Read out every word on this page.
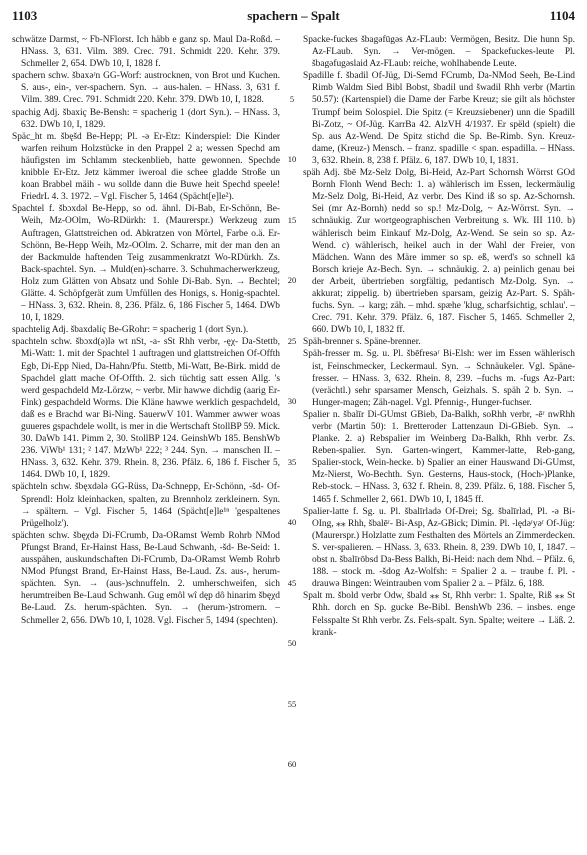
1103	spachern – Spalt	1104

schwätze Darmst, ~ Fb-NFlorst. Ich häbb e ganz sp. Maul Da-Roßd. – HNass. 3, 631. Vilm. 389. Crec. 791. Schmidt 220. Kehr. 379. Schmeller 2, 654. DWb 10, I, 1828 f.

spachern schw. šbaxǝʳn GG-Worf: austrocknen, von Brot und Kuchen. S. aus-, ein-, ver-spachern. Syn. → aus-halen. – HNass. 3, 631 f. Vilm. 389. Crec. 791. Schmidt 220. Kehr. 379. DWb 10, I, 1828.

spachig Adj. šbaxiç Be-Bensh: = spacherig 1 (dort Syn.). – HNass. 3, 632. DWb 10, I, 1829.

Späc_ht m. šbęšd Be-Hepp; Pl. -ǝ Er-Etz: Kinderspiel: Die Kinder warfen reihum Holzstücke in den Prappel 2 a; wessen Spechd am häufigsten im Schlamm steckenblieb, hatte gewonnen. Spechde knibble Er-Etz. Jetz kämmer iweroal die schee gladde Stroße un koan Brabbel mäih - wu sollde dann die Buwe heit Spechd speele! FriedrL 4. 3. 1972. – Vgl. Fischer 5, 1464 (Spächt[e]le²).

Spachtel f. šbɔxdǝl Be-Hepp, so od. ähnl. Di-Bab, Er-Schönn, Be-Weih, Mz-OOlm, Wo-RDürkh: 1. (Maurerspr.) Werkzeug zum Auftragen, Glattstreichen od. Abkratzen von Mörtel, Farbe o.ä. Er-Schönn, Be-Hepp Weih, Mz-OOlm. 2. Scharre, mit der man den an der Backmulde haftenden Teig zusammenkratzt Wo-RDürkh. Zs. Back-spachtel. Syn. → Muld(en)-scharre. 3. Schuhmacherwerkzeug, Holz zum Glätten von Absatz und Sohle Di-Bab. Syn. → Bechtel; Glätte. 4. Schöpfgerät zum Umfüllen des Honigs, s. Honig-spachtel. – HNass. 3, 632. Rhein. 8, 236. Pfälz. 6, 186 Fischer 5, 1464. DWb 10, I, 1829.

spachtelig Adj. šbaxdǝliç Be-GRohr: = spacherig 1 (dort Syn.).

spachteln schw. šbɔxd(ǝ)lǝ wt nSt, -a- sSt Rhh verbr, -ęχ- Da-Stettb, Mi-Watt: 1. mit der Spachtel 1 auftragen und glattstreichen Of-Offth Egb, Di-Epp Nied, Da-Hahn/Pfu. Stettb, Mi-Watt, Be-Birk. midd de Spachdel glatt mache Of-Offth. 2. sich tüchtig satt essen Allg. 's werd gespachdeld Mz-Lörzw, ~ verbr. Mir hawwe dichdig (aarig Er-Fink) gespachdeld Worms. Die Kläne hawwe werklich gespachdeld, daß es e Brachd war Bi-Ning. SauerwV 101. Wammer awwer woas guueres gspachdele wollt, is mer in die Wertschaft StollBP 59. Mick. 30. DaWb 141. Pimm 2, 30. StollBP 124. GeinshWb 185. BenshWb 236. ViWb¹ 131; ² 147. MzWb¹ 222; ³ 244. Syn. → manschen II. – HNass. 3, 632. Kehr. 379. Rhein. 8, 236. Pfälz. 6, 186 f. Fischer 5, 1464. DWb 10, I, 1829.

spächteln schw. šbęxdǝlǝ GG-Rüss, Da-Schnepp, Er-Schönn, -šd- Of-Sprendl: Holz kleinhacken, spalten, zu Brennholz zerkleinern. Syn. → spältern. – Vgl. Fischer 5, 1464 (Spächt[e]le¹ⁿ 'gespaltenes Prügelholz').

spächten schw. šbęχdǝ Di-FCrumb, Da-ORamst Wemb Rohrb NMod Pfungst Brand, Er-Hainst Hass, Be-Laud Schwanh, -šd- Be-Seid: 1. ausspähen, auskundschaften Di-FCrumb, Da-ORamst Wemb Rohrb NMod Pfungst Brand, Er-Hainst Hass, Be-Laud. Zs. aus-, herum-spächten. Syn. → (aus-)schnuffeln. 2. umherschweifen, sich herumtreiben Be-Laud Schwanh. Gug emôl wî dęp dô hinarim šbęχd Be-Laud. Zs. herum-spächten. Syn. → (herum-)stromern. – Schmeller 2, 656. DWb 10, I, 1028. Vgl. Fischer 5, 1494 (spechten).

5
10
15
20
25
30
35
40
45
50
55
60

Spacke-fuckes šbagǝfūgǝs Az-FLaub: Vermögen, Besitz. Die hunn Sp. Az-FLaub. Syn. → Ver-mögen. – Spackefuckes-leute Pl. šbagǝfugǝslaid Az-FLaub: reiche, wohlhabende Leute.

Spadille f. šbadil Of-Jüg, Di-Semd FCrumb, Da-NMod Seeh, Be-Lind Rimb Waldm Sied Bibl Bobst, šbadil und šwadil Rhh verbr (Martin 50.57): (Kartenspiel) die Dame der Farbe Kreuz; sie gilt als höchster Trumpf beim Solospiel. Die Spitz (= Kreuzsiebener) unn die Spadill Bi-Zotz, ~ Of-Jüg. KarrBa 42. AlzVH 4/1937. Er spëld (spielt) die Sp. aus Az-Wend. De Spitz stichd die Sp. Be-Rimb. Syn. Kreuz-dame, (Kreuz-) Mensch. – franz. spadille < span. espadilla. – HNass. 3, 632. Rhein. 8, 238 f. Pfälz. 6, 187. DWb 10, I, 1831.

späh Adj. šbē Mz-Selz Dolg, Bi-Heid, Az-Part Schornsh Wörrst GOd Bornh Flonh Wend Bech: 1. a) wählerisch im Essen, leckermäulig Mz-Selz Dolg, Bi-Heid, Az verbr. Des Kind iß so sp. Az-Schornsh. Sei (mr Az-Bornh) nedd so sp.! Mz-Dolg, ~ Az-Wörrst. Syn. → schnäukig. Zur wortgeographischen Verbreitung s. Wk. III 110. b) wählerisch beim Einkauf Mz-Dolg, Az-Wend. Se sein so sp. Az-Wend. c) wählerisch, heikel auch in der Wahl der Freier, von Mädchen. Wann des Märe immer so sp. eß, werd's so schnell kā Borsch krieje Az-Bech. Syn. → schnäukig. 2. a) peinlich genau bei der Arbeit, übertrieben sorgfältig, pedantisch Mz-Dolg. Syn. → akkurat; zippelig. b) übertrieben sparsam, geizig Az-Part. S. Späh-fuchs. Syn. → karg; zäh. – mhd. spæhe 'klug, scharfsichtig, schlau'. – Crec. 791. Kehr. 379. Pfälz. 6, 187. Fischer 5, 1465. Schmeller 2, 660. DWb 10, I, 1832 ff.

Späh-brenner s. Späne-brenner.

Späh-fresser m. Sg. u. Pl. šbēfresǝʳ Bi-Elsh: wer im Essen wählerisch ist, Feinschmecker, Leckermaul. Syn. → Schnäukeler. Vgl. Späne-fresser. – HNass. 3, 632. Rhein. 8, 239. –fuchs m. -fugs Az-Part: (verächtl.) sehr sparsamer Mensch, Geizhals. S. späh 2 b. Syn. → Hunger-magen; Zäh-nagel. Vgl. Pfennig-, Hunger-fuchser.

Spalier n. šbalīr Di-GUmst GBieb, Da-Balkh, soRhh verbr, -ēʳ nwRhh verbr (Martin 50): 1. Bretteroder Lattenzaun Di-GBieb. Syn. → Planke. 2. a) Rebspalier im Weinberg Da-Balkh, Rhh verbr. Zs. Reben-spalier. Syn. Garten-wingert, Kammer-latte, Reb-gang, Spalier-stock, Wein-hecke. b) Spalier an einer Hauswand Di-GUmst, Mz-Nierst, Wo-Bechth. Syn. Gesterns, Haus-stock, (Hoch-)Planke, Reb-stock. – HNass. 3, 632 f. Rhein. 8, 239. Pfälz. 6, 188. Fischer 5, 1465 f. Schmeller 2, 661. DWb 10, I, 1845 ff.

Spalier-latte f. Sg. u. Pl. šbalīrladǝ Of-Drei; Sg. šbalīrlad, Pl. -ǝ Bi-OIng, ⁎⁎ Rhh, šbalēʳ- Bi-Asp, Az-GBick; Dimin. Pl. -lędǝʳyǝʳ Of-Jüg: (Maurerspr.) Holzlatte zum Festhalten des Mörtels an Zimmerdecken. S. ver-spalieren. – HNass. 3, 633. Rhein. 8, 239. DWb 10, I, 1847. – obst n. šbalīrōbsd Da-Bess Balkh, Bi-Heid: nach dem Nhd. – Pfälz. 6, 188. – stock m. -šdog Az-Wolfsh: = Spalier 2 a. – traube f. Pl. -drauwǝ Bingen: Weintrauben vom Spalier 2 a. – Pfälz. 6, 188.

Spalt m. šbold verbr Odw, šbald ⁎⁎ St, Rhh verbr: 1. Spalte, Riß ⁎⁎ St Rhh. dorch en Sp. gucke Be-Bibl. BenshWb 236. – insbes. enge Felsspalte St Rhh verbr. Zs. Fels-spalt. Syn. Spalte; weitere → Läß. 2. krank-
